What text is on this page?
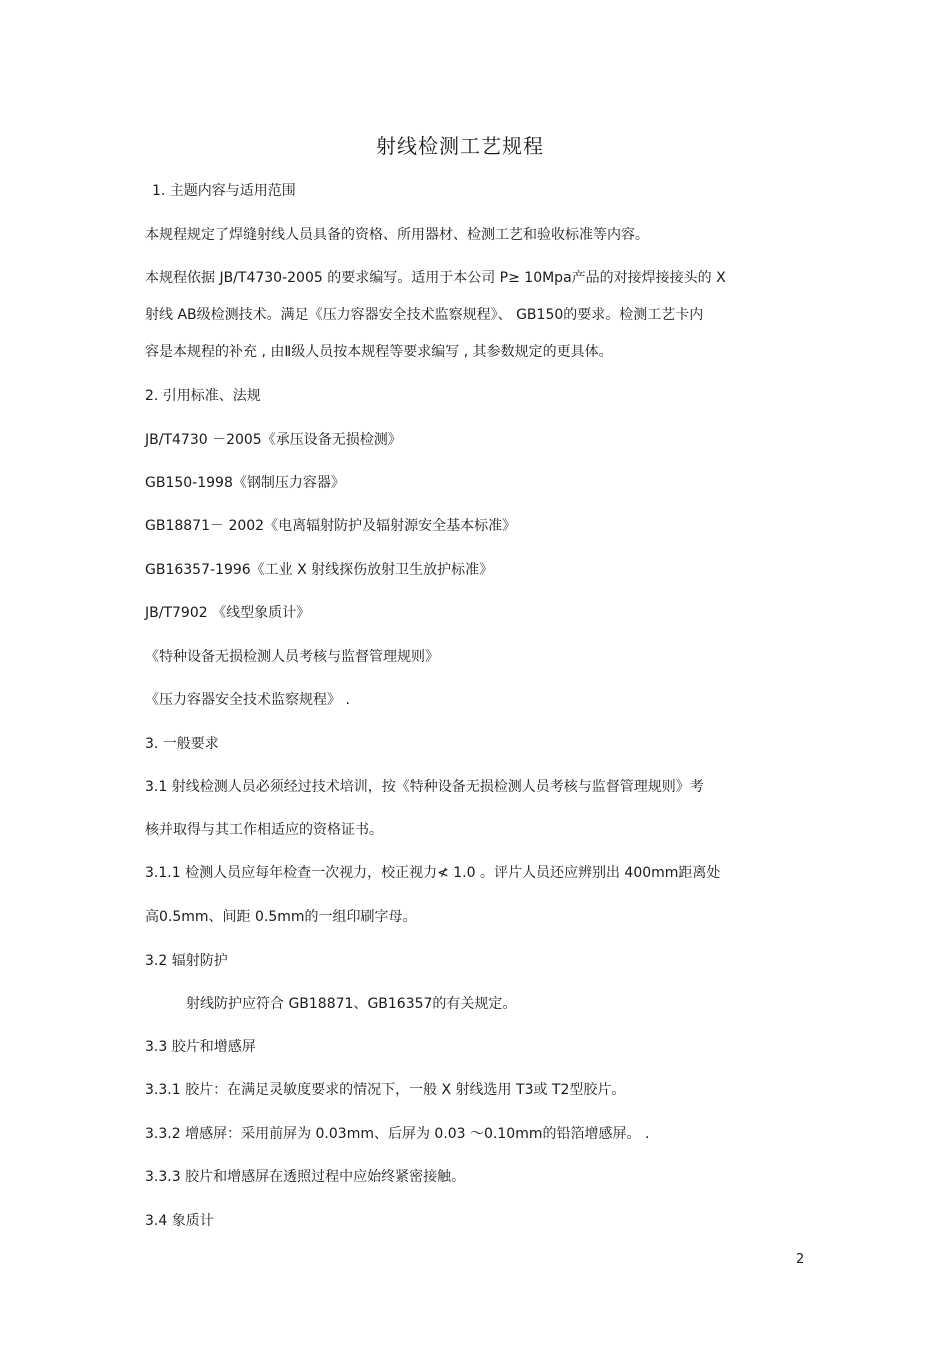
射线检测工艺规程
1. 主题内容与适用范围
本规程规定了焊缝射线人员具备的资格、所用器材、检测工艺和验收标准等内容。
本规程依据 JB/T4730-2005 的要求编写。适用于本公司 P≥ 10Mpa产品的对接焊接接头的 X
射线 AB级检测技术。满足《压力容器安全技术监察规程》、 GB150的要求。检测工艺卡内
容是本规程的补充 , 由Ⅱ级人员按本规程等要求编写 , 其参数规定的更具体。
2. 引用标准、法规
JB/T4730 －2005《承压设备无损检测》
GB150-1998《钢制压力容器》
GB18871－ 2002《电离辐射防护及辐射源安全基本标准》
GB16357-1996《工业 X 射线探伤放射卫生放护标准》
JB/T7902 《线型象质计》
《特种设备无损检测人员考核与监督管理规则》
《压力容器安全技术监察规程》 .
3. 一般要求
3.1 射线检测人员必须经过技术培训，按《特种设备无损检测人员考核与监督管理规则》考
核并取得与其工作相适应的资格证书。
3.1.1 检测人员应每年检查一次视力，校正视力≮ 1.0 。评片人员还应辨别出 400mm距离处
高0.5mm、间距 0.5mm的一组印刷字母。
3.2 辐射防护
射线防护应符合 GB18871、GB16357的有关规定。
3.3 胶片和增感屏
3.3.1 胶片：在满足灵敏度要求的情况下，一般 X 射线选用 T3或 T2型胶片。
3.3.2 增感屏：采用前屏为 0.03mm、后屏为 0.03 ～0.10mm的铅箔增感屏。 .
3.3.3 胶片和增感屏在透照过程中应始终紧密接触。
3.4 象质计
2
